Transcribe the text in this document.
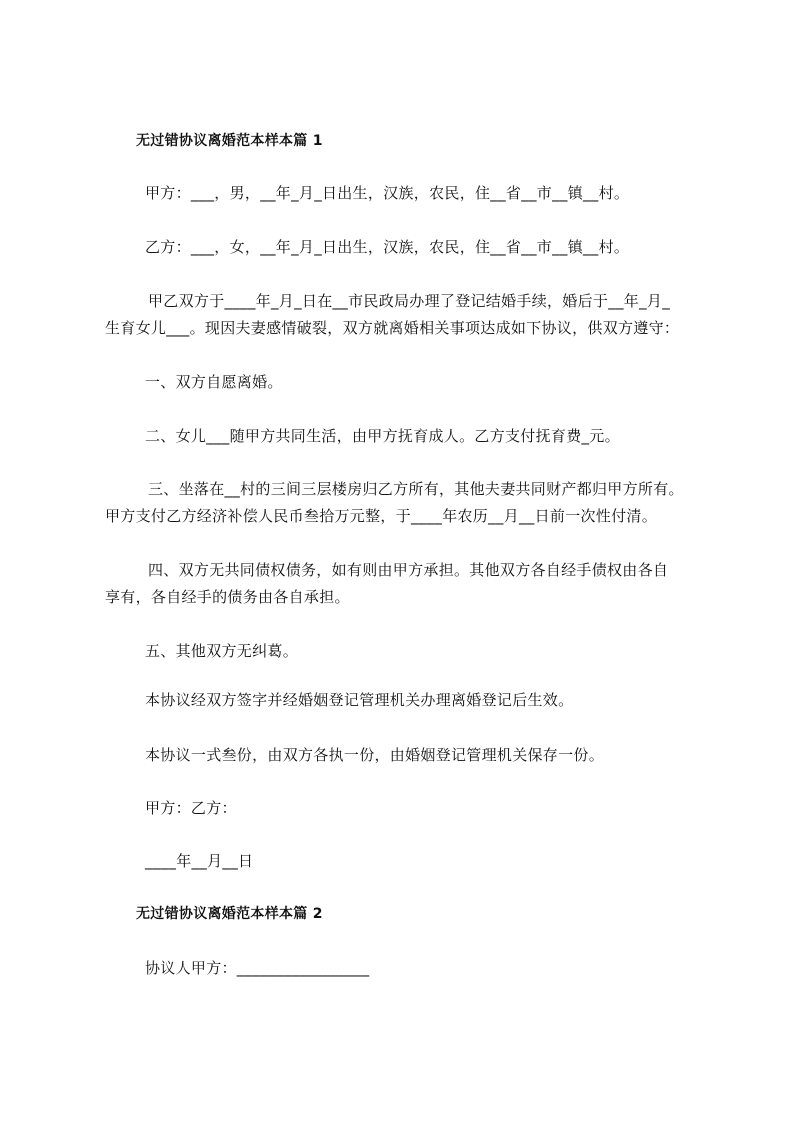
无过错协议离婚范本样本篇 1
甲方：___，男，__年_月_日出生，汉族，农民，住__省__市__镇__村。
乙方：___，女，__年_月_日出生，汉族，农民，住__省__市__镇__村。
甲乙双方于____年_月_日在__市民政局办理了登记结婚手续，婚后于__年_月_
生育女儿___。现因夫妻感情破裂，双方就离婚相关事项达成如下协议，供双方遵守：
一、双方自愿离婚。
二、女儿___随甲方共同生活，由甲方抚育成人。乙方支付抚育费_元。
三、坐落在__村的三间三层楼房归乙方所有，其他夫妻共同财产都归甲方所有。
甲方支付乙方经济补偿人民币叁拾万元整，于____年农历__月__日前一次性付清。
四、双方无共同债权债务，如有则由甲方承担。其他双方各自经手债权由各自
享有，各自经手的债务由各自承担。
五、其他双方无纠葛。
本协议经双方签字并经婚姻登记管理机关办理离婚登记后生效。
本协议一式叁份，由双方各执一份，由婚姻登记管理机关保存一份。
甲方：乙方：
____年__月__日
无过错协议离婚范本样本篇 2
协议人甲方：_________________
